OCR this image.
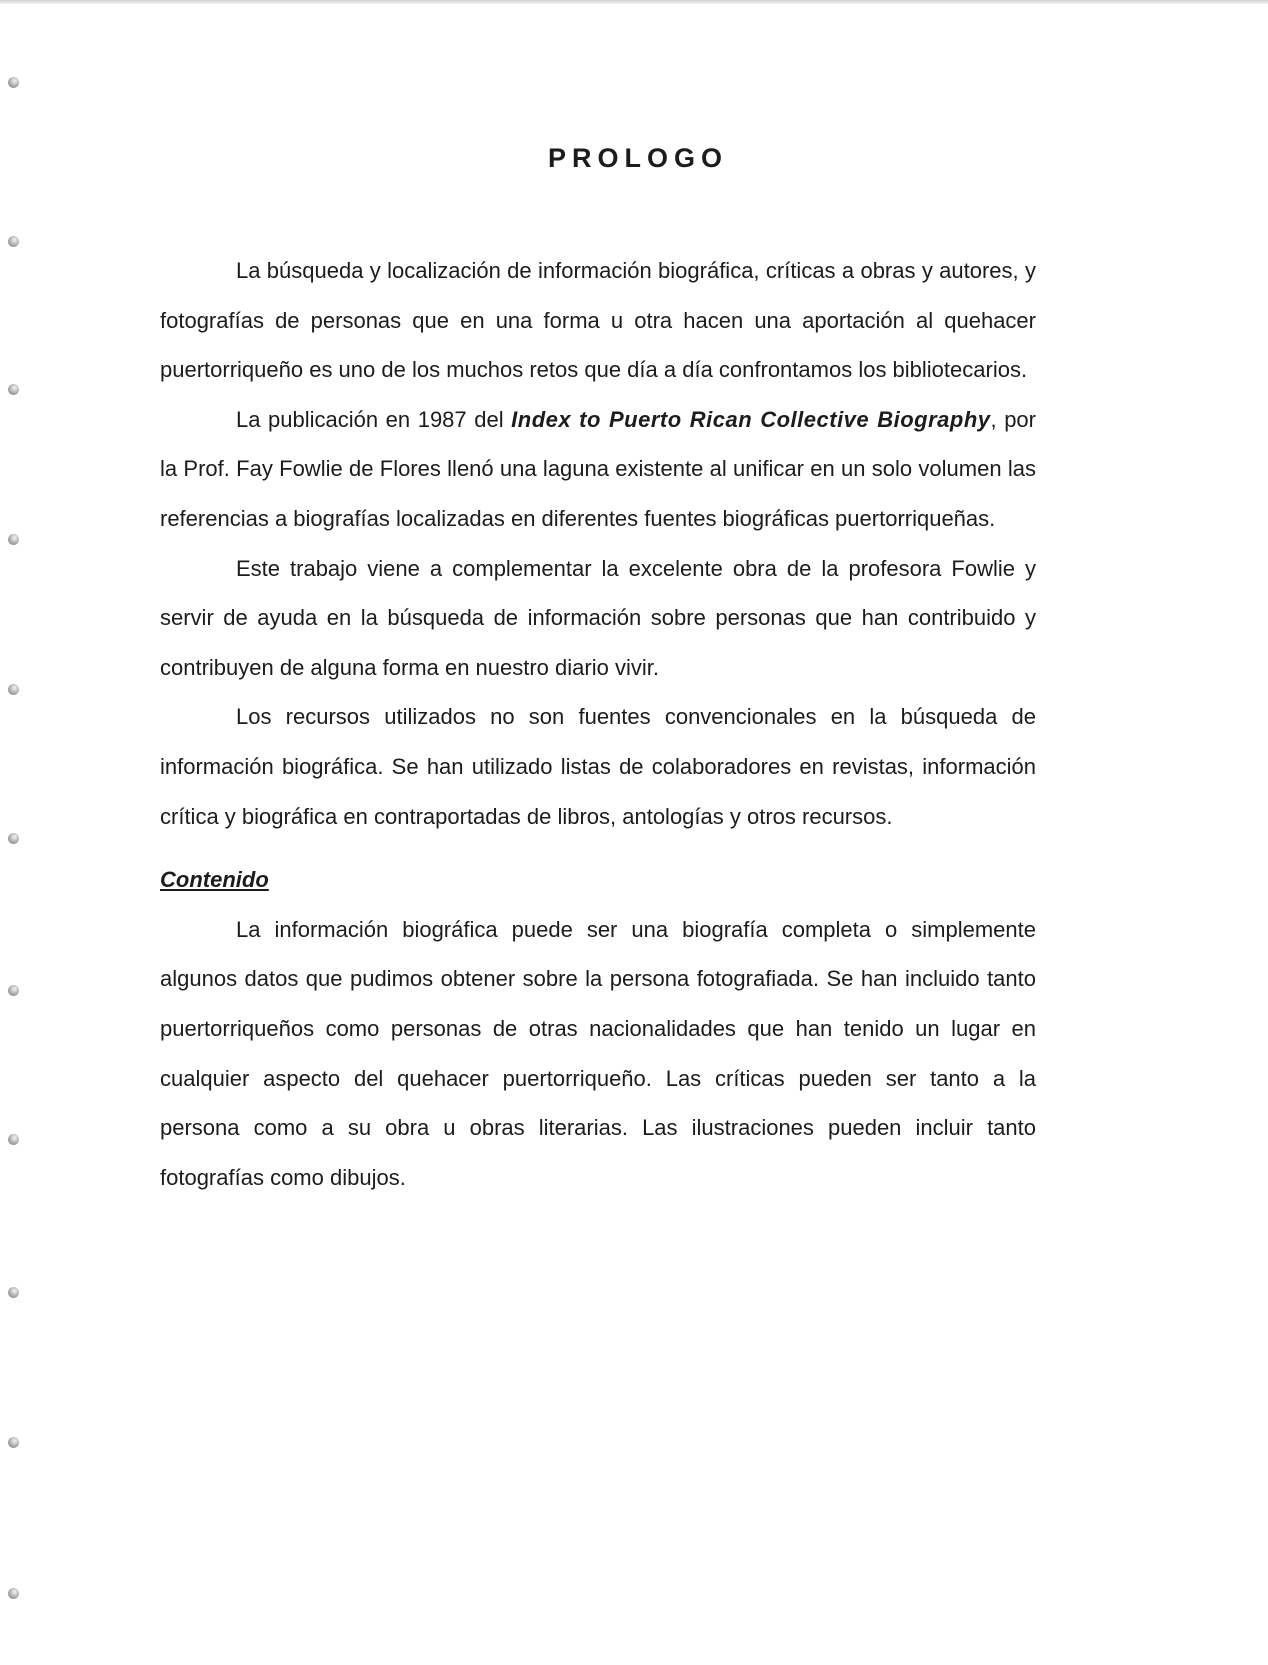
PROLOGO

La búsqueda y localización de información biográfica, críticas a obras y autores, y fotografías de personas que en una forma u otra hacen una aportación al quehacer puertorriqueño es uno de los muchos retos que día a día confrontamos los bibliotecarios.

La publicación en 1987 del Index to Puerto Rican Collective Biography, por la Prof. Fay Fowlie de Flores llenó una laguna existente al unificar en un solo volumen las referencias a biografías localizadas en diferentes fuentes biográficas puertorriqueñas.

Este trabajo viene a complementar la excelente obra de la profesora Fowlie y servir de ayuda en la búsqueda de información sobre personas que han contribuido y contribuyen de alguna forma en nuestro diario vivir.

Los recursos utilizados no son fuentes convencionales en la búsqueda de información biográfica. Se han utilizado listas de colaboradores en revistas, información crítica y biográfica en contraportadas de libros, antologías y otros recursos.

Contenido

La información biográfica puede ser una biografía completa o simplemente algunos datos que pudimos obtener sobre la persona fotografiada. Se han incluido tanto puertorriqueños como personas de otras nacionalidades que han tenido un lugar en cualquier aspecto del quehacer puertorriqueño. Las críticas pueden ser tanto a la persona como a su obra u obras literarias. Las ilustraciones pueden incluir tanto fotografías como dibujos.
